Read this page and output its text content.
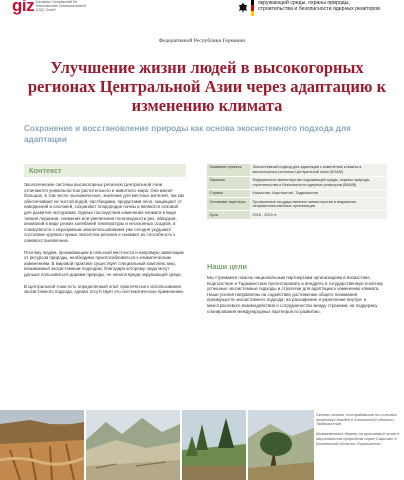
giz Deutsche Gesellschaft für Internationale Zusammenarbeit (GIZ) GmbH
окружающей среды, охраны природы,
строительства и безопасности ядерных реакторов
Федеративной Республики Германии
Улучшение жизни людей в высокогорных регионах Центральной Азии через адаптацию к изменению климата
Сохранение и восстановление природы как основа экосистемного подхода для адаптации
Контекст

Экологические системы высокогорных регионов Центральной Азии отличаются уникальностью растительного и животного мира. Они имеют большое, в том числе экономическое, значение для местных жителей, так как обеспечивают их чистой водой, пастбищами, продуктами леса, защищают от наводнений и оползней, сохраняют плодородие почвы и являются основой для развития экотуризма. Однако последствия изменения климата в виде таяния ледников, снижения или увеличения полноводности рек, паводков, аномалий в виде резких колебаний температуры и несезонных осадков, в совокупности с неразумным землепользованием уже сегодня ухудшают состояние хрупких горных экосистем региона и снижают их способность к самовосстановлению.

Поэтому людям, проживающим в сельской местности и напрямую зависящим от ресурсов природы, необходимо приспосабливаться к климатическим изменениям. В мировой практике существует специальный комплекс мер, называемый экосистемным подходом, благодаря которому люди могут дальше пользоваться дарами природы, не нанося вреда окружающей среде.

В Центральной Азии есть определенный опыт практического использования экосистемного подхода, однако отсутствует его систематическое применение.

Название проекта	Экосистемный подход для адаптации к изменению климата в высокогорных регионах Центральной Азии (ЕНАМ)
Заказчик	Федеральное министерство окружающей среды, охраны природы, строительства и безопасности ядерных реакторов (BMUB)
Страны	Казахстан, Кыргызстан, Таджикистан
Основные партнеры	Профильные государственные министерства и ведомства, неправительственные организации
Срок	2015 - 2019 гг.
Наши цели

Мы стремимся помочь национальным партнерским организациям в Казахстане, Кыргызстане и Таджикистане протестировать и внедрить в государственную политику успешные экосистемные подходы и стратегии для адаптации к изменению климата. Наши усилия направлены на содействие достижению общего понимания преимуществ экосистемного подхода; на расширение и укрепление внутри- и межотраслевого взаимодействия и сотрудничество между странами; на поддержку планирования международных партнеров по развитию.

Склоны холмов, пострадавшие от сильных почвенных дождей в Хатлонской области, Таджикистан.

Можжевеловое дерево на орошаемой почве в национальном природном парке Сарычат в Баткенской области, Кыргызстан.
